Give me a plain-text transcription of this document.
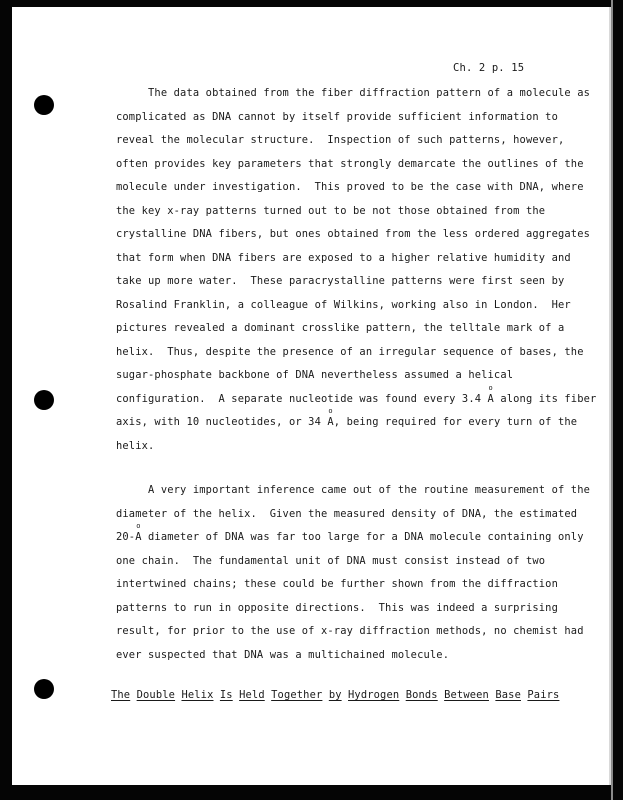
Ch. 2 p. 15
The data obtained from the fiber diffraction pattern of a molecule as
complicated as DNA cannot by itself provide sufficient information to
reveal the molecular structure.  Inspection of such patterns, however,
often provides key parameters that strongly demarcate the outlines of the
molecule under investigation.  This proved to be the case with DNA, where
the key x-ray patterns turned out to be not those obtained from the
crystalline DNA fibers, but ones obtained from the less ordered aggregates
that form when DNA fibers are exposed to a higher relative humidity and
take up more water.  These paracrystalline patterns were first seen by
Rosalind Franklin, a colleague of Wilkins, working also in London.  Her
pictures revealed a dominant crosslike pattern, the telltale mark of a
helix.  Thus, despite the presence of an irregular sequence of bases, the
sugar-phosphate backbone of DNA nevertheless assumed a helical
configuration.  A separate nucleotide was found every 3.4 o A along its fiber
axis, with 10 nucleotides, or 34 o A, being required for every turn of the
helix.
A very important inference came out of the routine measurement of the
diameter of the helix.  Given the measured density of DNA, the estimated
20-o A diameter of DNA was far too large for a DNA molecule containing only
one chain.  The fundamental unit of DNA must consist instead of two
intertwined chains; these could be further shown from the diffraction
patterns to run in opposite directions.  This was indeed a surprising
result, for prior to the use of x-ray diffraction methods, no chemist had
ever suspected that DNA was a multichained molecule.
The Double Helix Is Held Together by Hydrogen Bonds Between Base Pairs
